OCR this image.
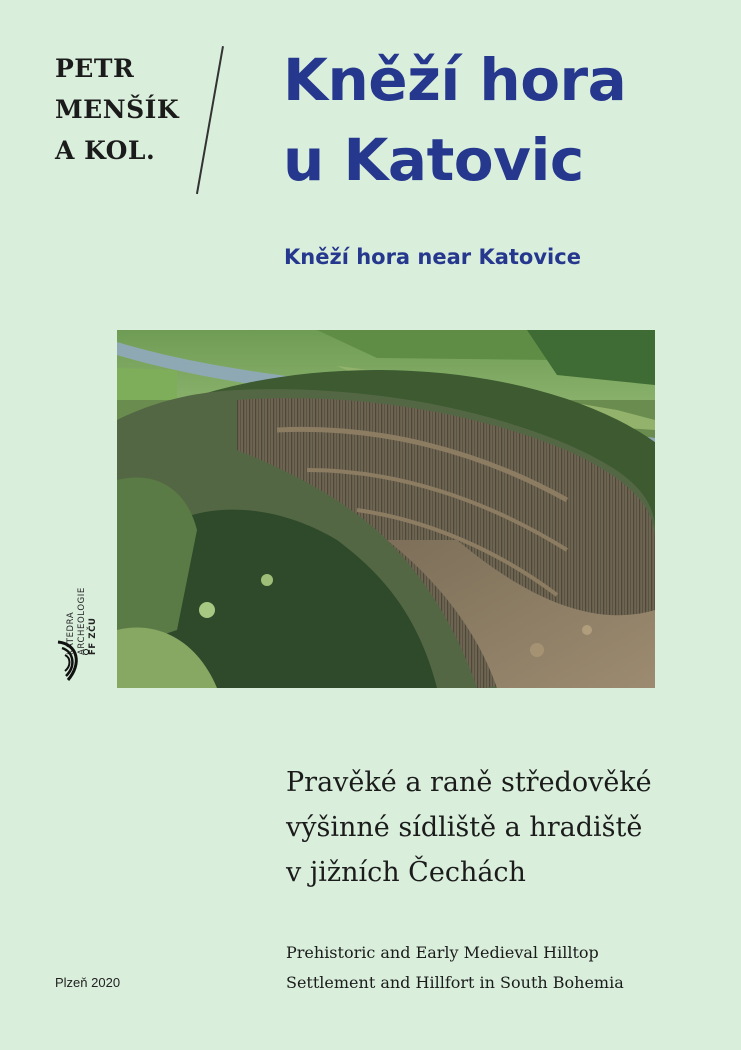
PETR
MENŠÍK
A KOL.
Kněží hora
u Katovic
Kněží hora near Katovice
KATEDRA ARCHEOLOGIE FF ZČU
Pravěké a raně středověké
výšinné sídliště a hradiště
v jižních Čechách
Prehistoric and Early Medieval Hilltop
Settlement and Hillfort in South Bohemia
Plzeň 2020
